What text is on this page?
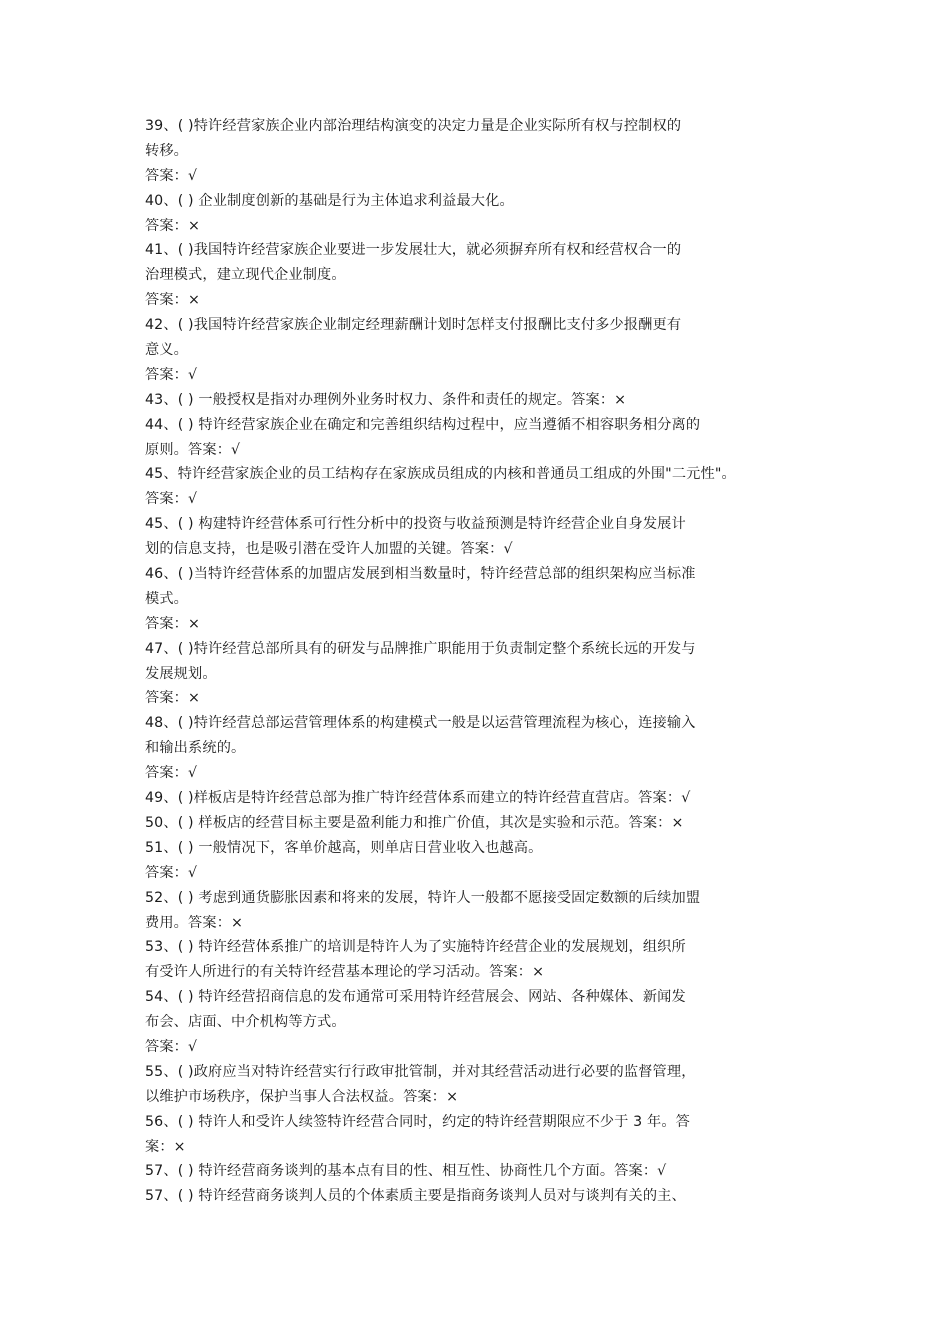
39、( )特许经营家族企业内部治理结构演变的决定力量是企业实际所有权与控制权的
转移。
答案：√
40、( ) 企业制度创新的基础是行为主体追求利益最大化。
答案：×
41、( )我国特许经营家族企业要进一步发展壮大，就必须摒弃所有权和经营权合一的
治理模式，建立现代企业制度。
答案：×
42、( )我国特许经营家族企业制定经理薪酬计划时怎样支付报酬比支付多少报酬更有
意义。
答案：√
43、( ) 一般授权是指对办理例外业务时权力、条件和责任的规定。答案：×
44、( ) 特许经营家族企业在确定和完善组织结构过程中，应当遵循不相容职务相分离的
原则。答案：√
45、特许经营家族企业的员工结构存在家族成员组成的内核和普通员工组成的外围"二元性"。
答案：√
45、( ) 构建特许经营体系可行性分析中的投资与收益预测是特许经营企业自身发展计
划的信息支持，也是吸引潜在受许人加盟的关键。答案：√
46、( )当特许经营体系的加盟店发展到相当数量时，特许经营总部的组织架构应当标准
模式。
答案：×
47、( )特许经营总部所具有的研发与品牌推广职能用于负责制定整个系统长远的开发与
发展规划。
答案：×
48、( )特许经营总部运营管理体系的构建模式一般是以运营管理流程为核心，连接输入
和输出系统的。
答案：√
49、( )样板店是特许经营总部为推广特许经营体系而建立的特许经营直营店。答案：√
50、( ) 样板店的经营目标主要是盈利能力和推广价值，其次是实验和示范。答案：×
51、( ) 一般情况下，客单价越高，则单店日营业收入也越高。
答案：√
52、( ) 考虑到通货膨胀因素和将来的发展，特许人一般都不愿接受固定数额的后续加盟
费用。答案：×
53、( ) 特许经营体系推广的培训是特许人为了实施特许经营企业的发展规划，组织所
有受许人所进行的有关特许经营基本理论的学习活动。答案：×
54、( ) 特许经营招商信息的发布通常可采用特许经营展会、网站、各种媒体、新闻发
布会、店面、中介机构等方式。
答案：√
55、( )政府应当对特许经营实行行政审批管制，并对其经营活动进行必要的监督管理，
以维护市场秩序，保护当事人合法权益。答案：×
56、( ) 特许人和受许人续签特许经营合同时，约定的特许经营期限应不少于 3 年。答
案：×
57、( ) 特许经营商务谈判的基本点有目的性、相互性、协商性几个方面。答案：√
57、( ) 特许经营商务谈判人员的个体素质主要是指商务谈判人员对与谈判有关的主、
